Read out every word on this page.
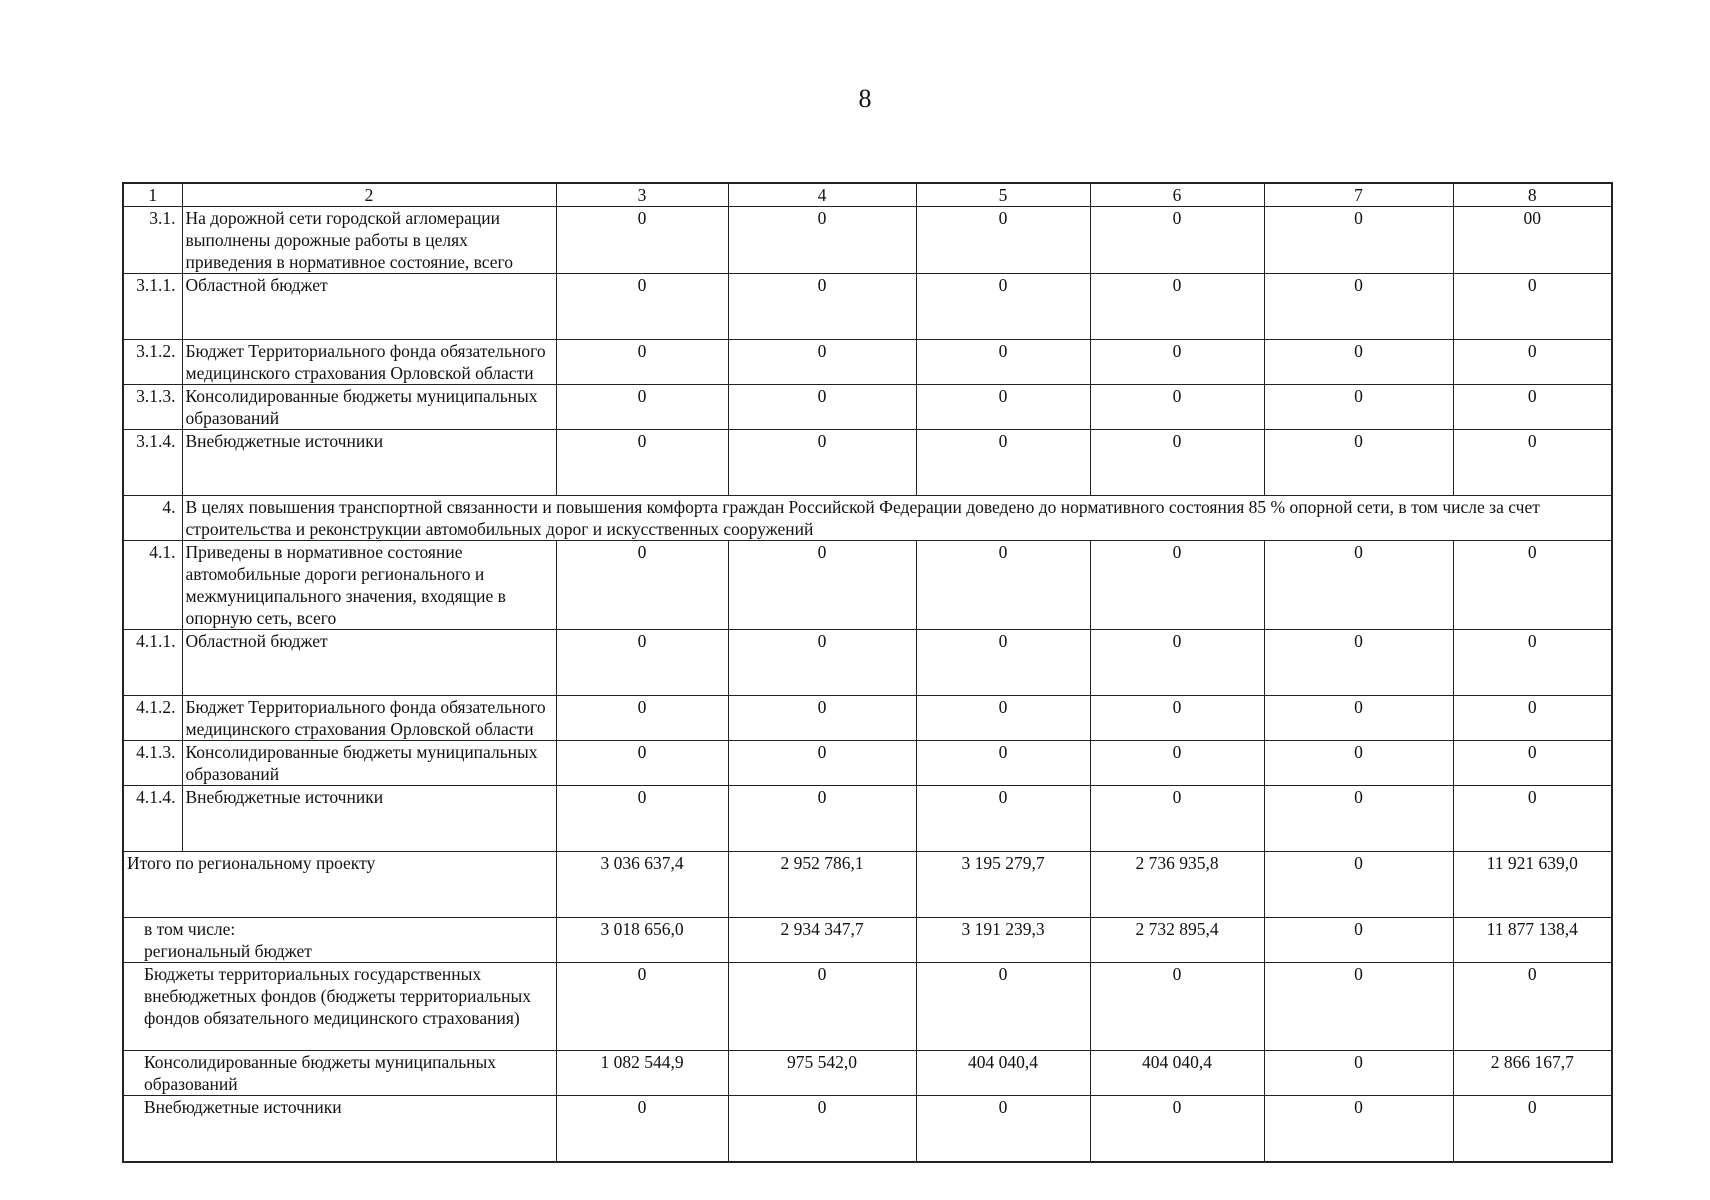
8
1	2	3	4	5	6	7	8
3.1.	На дорожной сети городской агломерации выполнены дорожные работы в целях приведения в нормативное состояние, всего	0	0	0	0	0	00
3.1.1.	Областной бюджет	0	0	0	0	0	0
3.1.2.	Бюджет Территориального фонда обязательного медицинского страхования Орловской области	0	0	0	0	0	0
3.1.3.	Консолидированные бюджеты муниципальных образований	0	0	0	0	0	0
3.1.4.	Внебюджетные источники	0	0	0	0	0	0
4.	В целях повышения транспортной связанности и повышения комфорта граждан Российской Федерации доведено до нормативного состояния 85 % опорной сети, в том числе за счет строительства и реконструкции автомобильных дорог и искусственных сооружений						
4.1.	Приведены в нормативное состояние автомобильные дороги регионального и межмуниципального значения, входящие в опорную сеть, всего	0	0	0	0	0	0
4.1.1.	Областной бюджет	0	0	0	0	0	0
4.1.2.	Бюджет Территориального фонда обязательного медицинского страхования Орловской области	0	0	0	0	0	0
4.1.3.	Консолидированные бюджеты муниципальных образований	0	0	0	0	0	0
4.1.4.	Внебюджетные источники	0	0	0	0	0	0
Итого по региональному проекту		3 036 637,4	2 952 786,1	3 195 279,7	2 736 935,8	0	11 921 639,0
в том числе:
региональный бюджет		3 018 656,0	2 934 347,7	3 191 239,3	2 732 895,4	0	11 877 138,4
Бюджеты территориальных государственных внебюджетных фондов (бюджеты территориальных фондов обязательного медицинского страхования)		0	0	0	0	0	0
Консолидированные бюджеты муниципальных образований		1 082 544,9	975 542,0	404 040,4	404 040,4	0	2 866 167,7
Внебюджетные источники		0	0	0	0	0	0
